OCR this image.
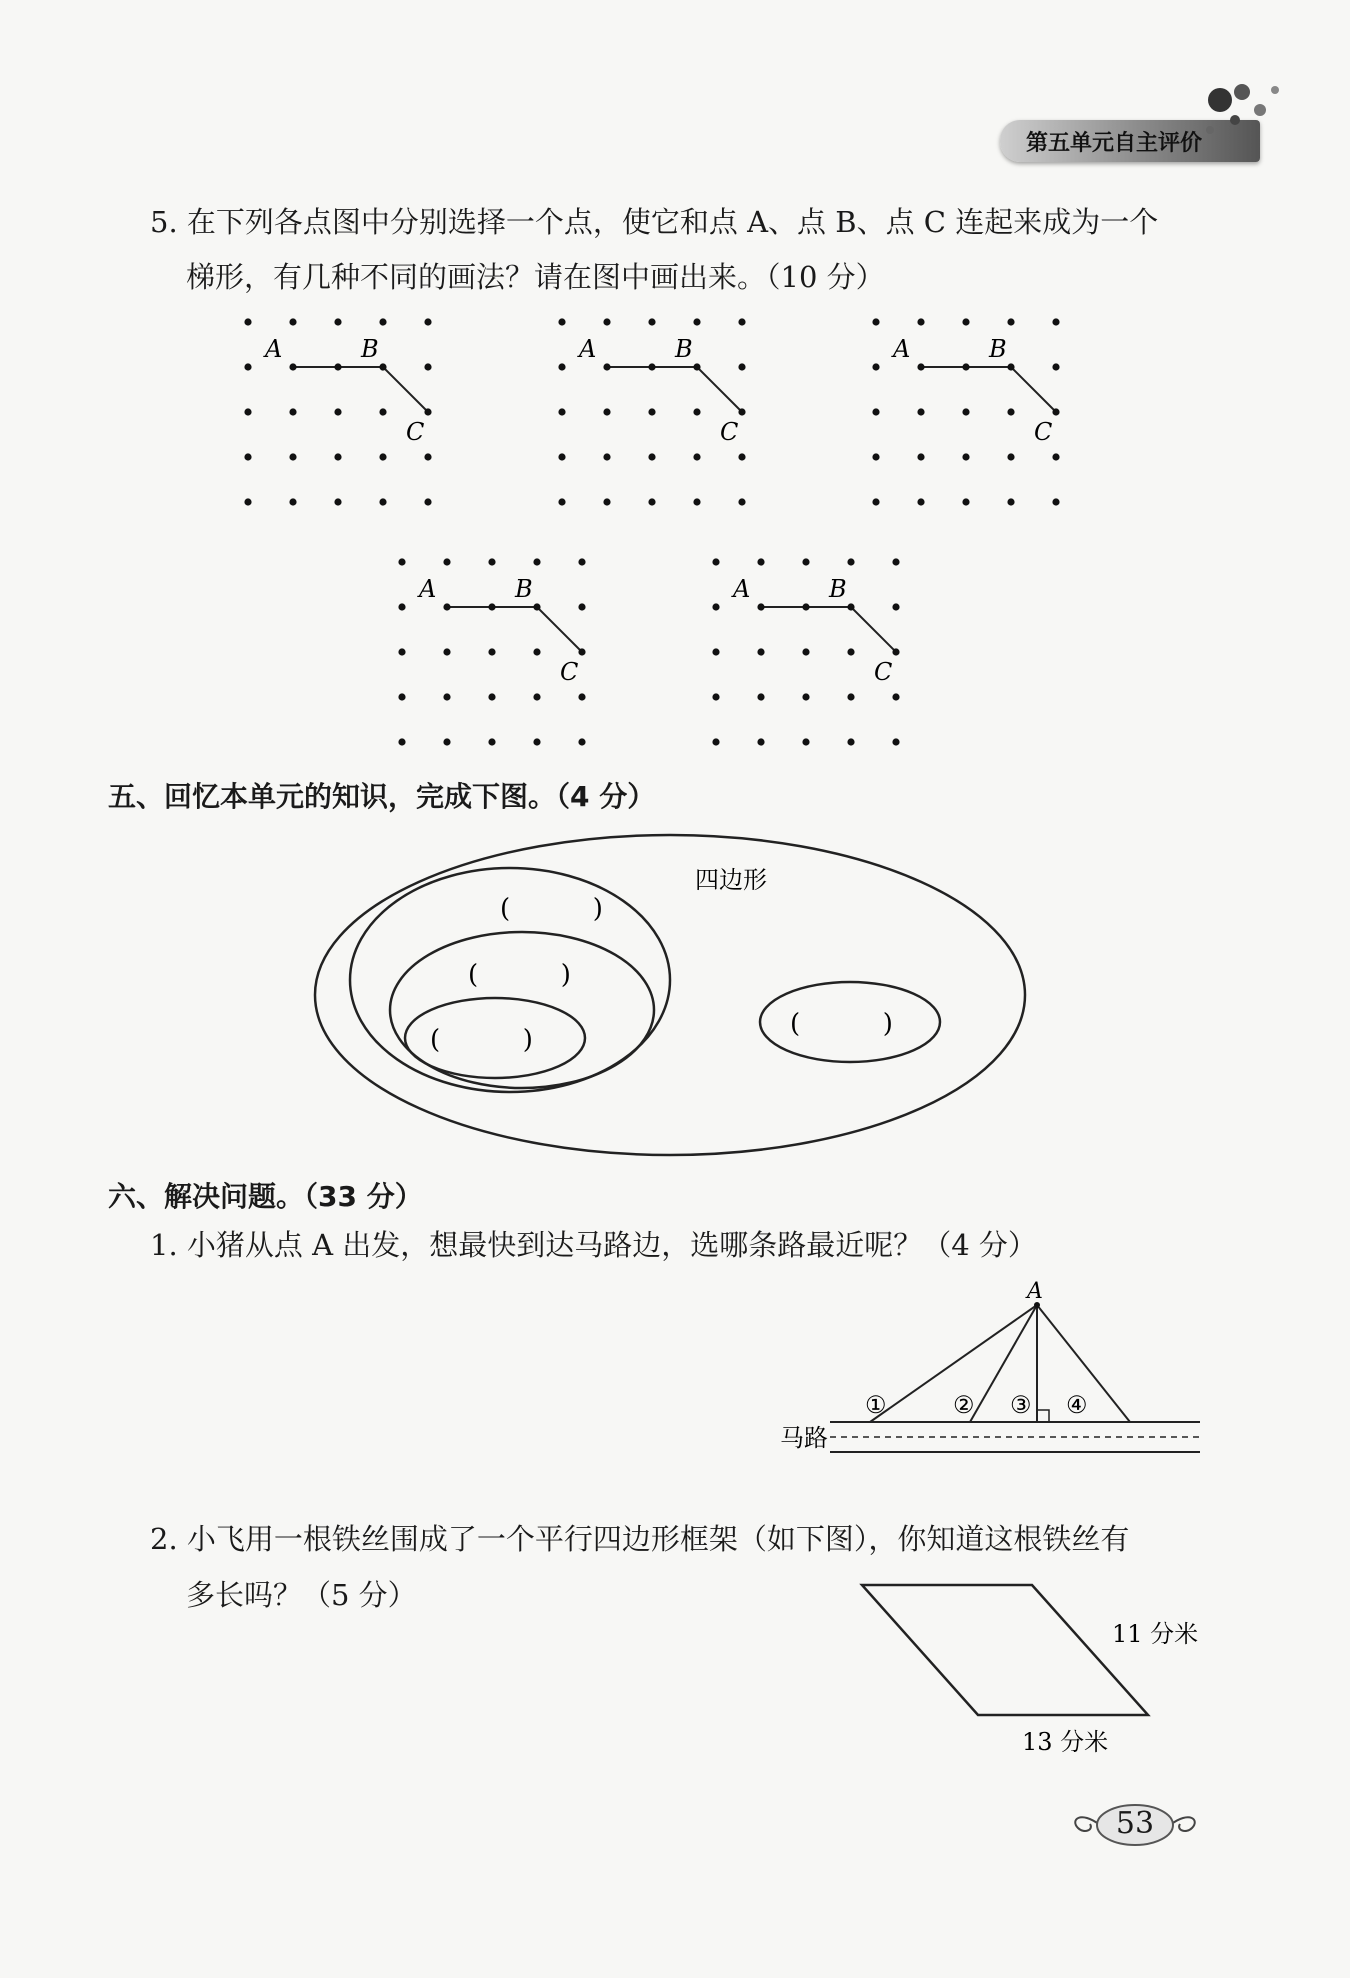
第五单元自主评价
5. 在下列各点图中分别选择一个点，使它和点 A、点 B、点 C 连起来成为一个
梯形，有几种不同的画法？请在图中画出来。（10 分）
A	B
C
A	B
C
A	B
C
A	B
C
A	B
C
五、回忆本单元的知识，完成下图。（4 分）
四边形
(          )
(          )
(          )
(          )
六、解决问题。（33 分）
1. 小猪从点 A 出发，想最快到达马路边，选哪条路最近呢？（4 分）
A
马路
①	② ③ ④
2. 小飞用一根铁丝围成了一个平行四边形框架（如下图），你知道这根铁丝有
多长吗？（5 分）
11 分米
13 分米
53
